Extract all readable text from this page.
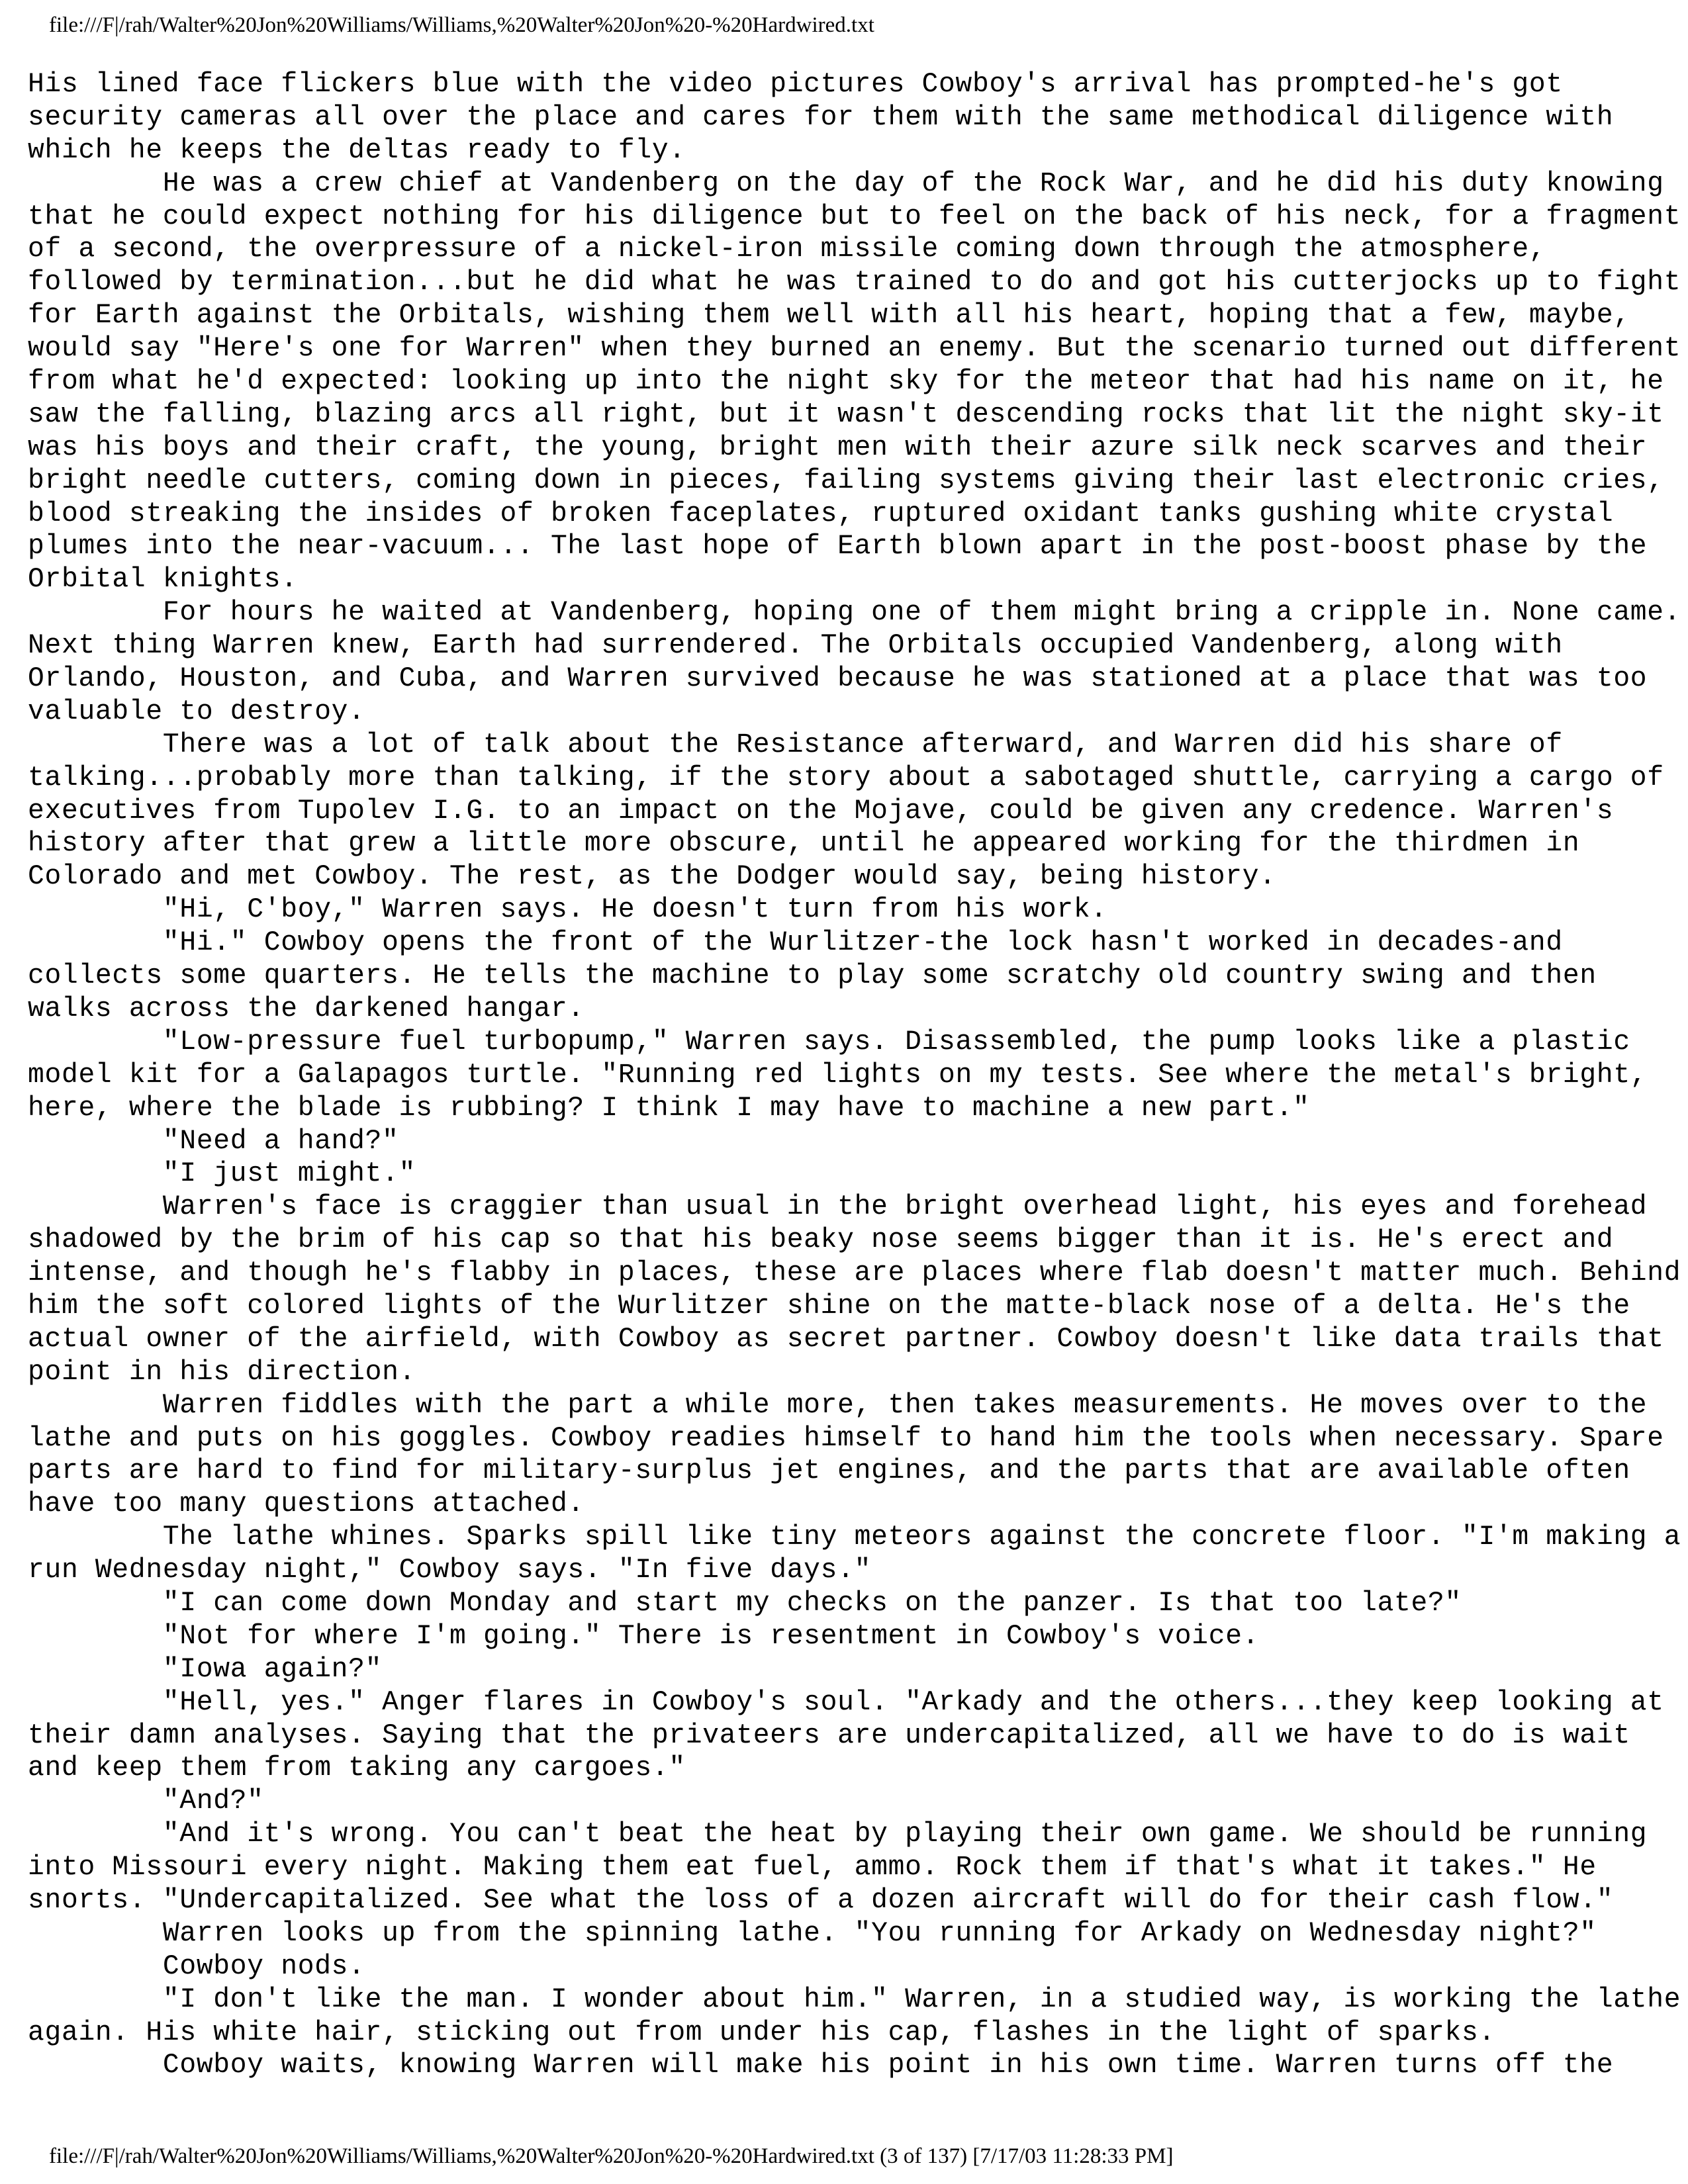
file:///F|/rah/Walter%20Jon%20Williams/Williams,%20Walter%20Jon%20-%20Hardwired.txt
His lined face flickers blue with the video pictures Cowboy's arrival has prompted-he's got
security cameras all over the place and cares for them with the same methodical diligence with
which he keeps the deltas ready to fly.
He was a crew chief at Vandenberg on the day of the Rock War, and he did his duty knowing
that he could expect nothing for his diligence but to feel on the back of his neck, for a fragment
of a second, the overpressure of a nickel-iron missile coming down through the atmosphere,
followed by termination...but he did what he was trained to do and got his cutterjocks up to fight
for Earth against the Orbitals, wishing them well with all his heart, hoping that a few, maybe,
would say "Here's one for Warren" when they burned an enemy. But the scenario turned out different
from what he'd expected: looking up into the night sky for the meteor that had his name on it, he
saw the falling, blazing arcs all right, but it wasn't descending rocks that lit the night sky-it
was his boys and their craft, the young, bright men with their azure silk neck scarves and their
bright needle cutters, coming down in pieces, failing systems giving their last electronic cries,
blood streaking the insides of broken faceplates, ruptured oxidant tanks gushing white crystal
plumes into the near-vacuum... The last hope of Earth blown apart in the post-boost phase by the
Orbital knights.
For hours he waited at Vandenberg, hoping one of them might bring a cripple in. None came.
Next thing Warren knew, Earth had surrendered. The Orbitals occupied Vandenberg, along with
Orlando, Houston, and Cuba, and Warren survived because he was stationed at a place that was too
valuable to destroy.
There was a lot of talk about the Resistance afterward, and Warren did his share of
talking...probably more than talking, if the story about a sabotaged shuttle, carrying a cargo of
executives from Tupolev I.G. to an impact on the Mojave, could be given any credence. Warren's
history after that grew a little more obscure, until he appeared working for the thirdmen in
Colorado and met Cowboy. The rest, as the Dodger would say, being history.
"Hi, C'boy," Warren says. He doesn't turn from his work.
"Hi." Cowboy opens the front of the Wurlitzer-the lock hasn't worked in decades-and
collects some quarters. He tells the machine to play some scratchy old country swing and then
walks across the darkened hangar.
"Low-pressure fuel turbopump," Warren says. Disassembled, the pump looks like a plastic
model kit for a Galapagos turtle. "Running red lights on my tests. See where the metal's bright,
here, where the blade is rubbing? I think I may have to machine a new part."
"Need a hand?"
"I just might."
Warren's face is craggier than usual in the bright overhead light, his eyes and forehead
shadowed by the brim of his cap so that his beaky nose seems bigger than it is. He's erect and
intense, and though he's flabby in places, these are places where flab doesn't matter much. Behind
him the soft colored lights of the Wurlitzer shine on the matte-black nose of a delta. He's the
actual owner of the airfield, with Cowboy as secret partner. Cowboy doesn't like data trails that
point in his direction.
Warren fiddles with the part a while more, then takes measurements. He moves over to the
lathe and puts on his goggles. Cowboy readies himself to hand him the tools when necessary. Spare
parts are hard to find for military-surplus jet engines, and the parts that are available often
have too many questions attached.
The lathe whines. Sparks spill like tiny meteors against the concrete floor. "I'm making a
run Wednesday night," Cowboy says. "In five days."
"I can come down Monday and start my checks on the panzer. Is that too late?"
"Not for where I'm going." There is resentment in Cowboy's voice.
"Iowa again?"
"Hell, yes." Anger flares in Cowboy's soul. "Arkady and the others...they keep looking at
their damn analyses. Saying that the privateers are undercapitalized, all we have to do is wait
and keep them from taking any cargoes."
"And?"
"And it's wrong. You can't beat the heat by playing their own game. We should be running
into Missouri every night. Making them eat fuel, ammo. Rock them if that's what it takes." He
snorts. "Undercapitalized. See what the loss of a dozen aircraft will do for their cash flow."
Warren looks up from the spinning lathe. "You running for Arkady on Wednesday night?"
Cowboy nods.
"I don't like the man. I wonder about him." Warren, in a studied way, is working the lathe
again. His white hair, sticking out from under his cap, flashes in the light of sparks.
Cowboy waits, knowing Warren will make his point in his own time. Warren turns off the
file:///F|/rah/Walter%20Jon%20Williams/Williams,%20Walter%20Jon%20-%20Hardwired.txt (3 of 137) [7/17/03 11:28:33 PM]
